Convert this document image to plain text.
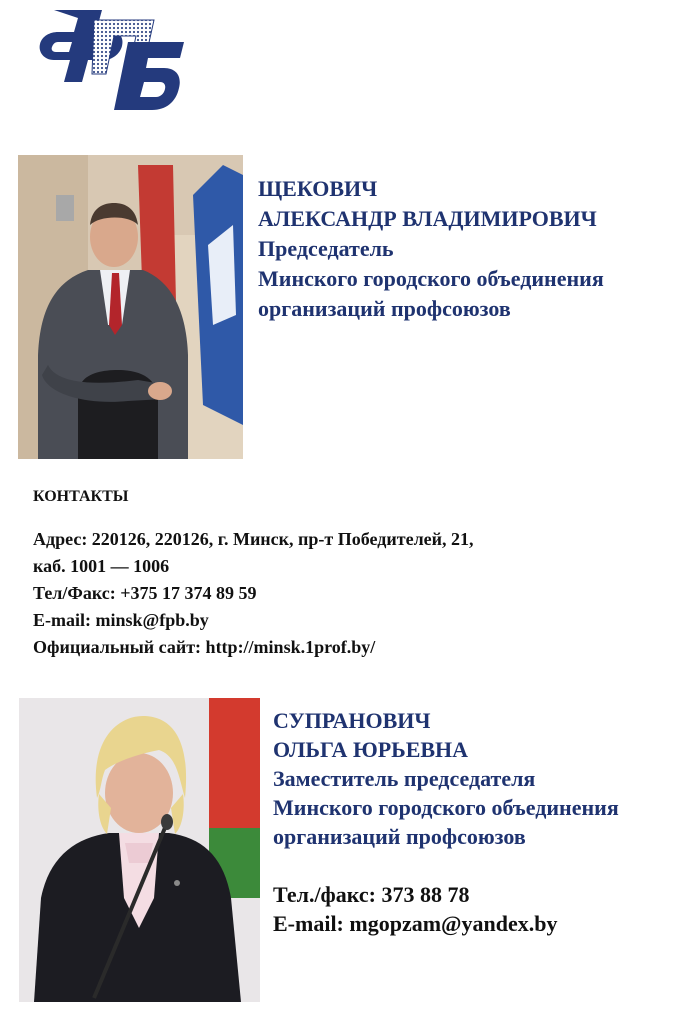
ЩЕКОВИЧ
АЛЕКСАНДР ВЛАДИМИРОВИЧ
Председатель
Минского городского объединения
организаций профсоюзов
КОНТАКТЫ
Адрес: 220126, 220126, г. Минск, пр-т Победителей, 21,
каб. 1001 — 1006
Тел/Факс: +375 17 374 89 59
E-mail: minsk@fpb.by
Официальный сайт: http://minsk.1prof.by/
СУПРАНОВИЧ
ОЛЬГА ЮРЬЕВНА
Заместитель председателя
Минского городского объединения
организаций профсоюзов
Тел./факс: 373 88 78
E-mail: mgopzam@yandex.by
